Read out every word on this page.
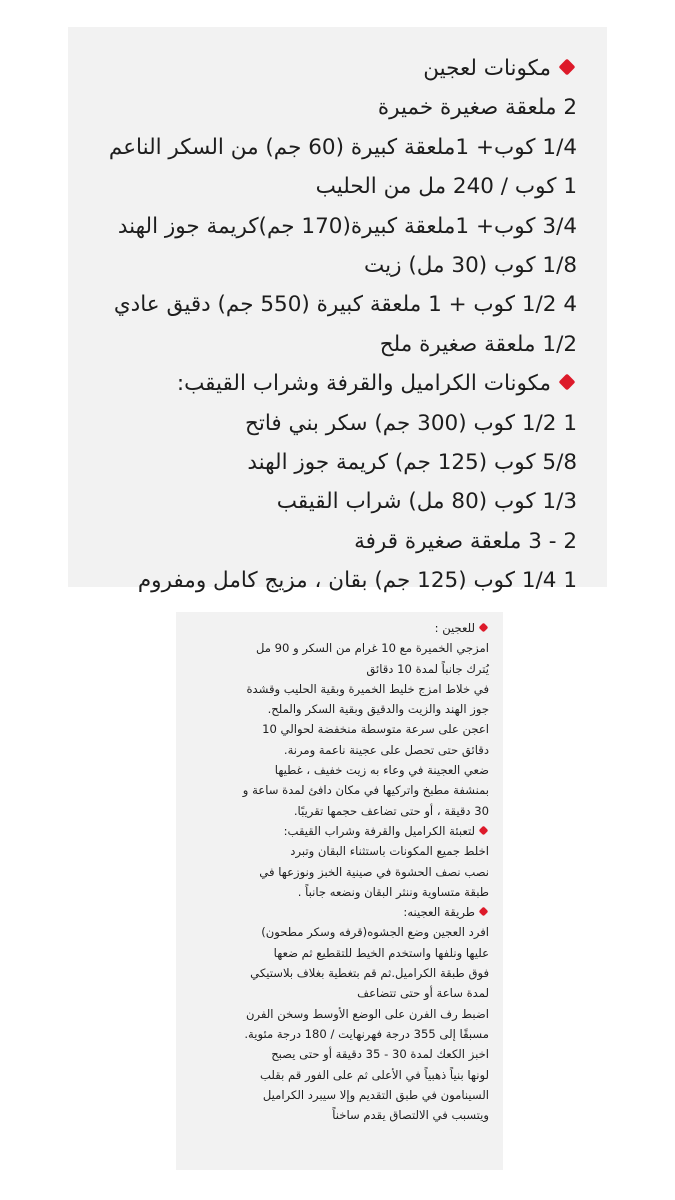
مكونات لعجين
2 ملعقة صغيرة خميرة
1/4 كوب+ 1ملعقة كبيرة (60 جم) من السكر الناعم
1 كوب / 240 مل من الحليب
3/4 كوب+ 1ملعقة كبيرة(170 جم)كريمة جوز الهند
1/8 كوب (30 مل) زيت
4 1/2 كوب + 1 ملعقة كبيرة (550 جم) دقيق عادي
1/2 ملعقة صغيرة ملح
مكونات الكراميل والقرفة وشراب القيقب:
1 1/2 كوب (300 جم) سكر بني فاتح
5/8 كوب (125 جم) كريمة جوز الهند
1/3 كوب (80 مل) شراب القيقب
2 - 3 ملعقة صغيرة قرفة
1 1/4 كوب (125 جم) بقان ، مزيج كامل ومفروم
للعجين :
امزجي الخميرة مع 10 غرام من السكر و 90 مل
يُترك جانباً لمدة 10 دقائق
في خلاط امزج خليط الخميرة وبقية الحليب وقشدة
جوز الهند والزيت والدقيق وبقية السكر والملح.
اعجن على سرعة متوسطة منخفضة لحوالي 10
دقائق حتى تحصل على عجينة ناعمة ومرنة.
ضعي العجينة في وعاء به زيت خفيف ، غطيها
بمنشفة مطبخ واتركيها في مكان دافئ لمدة ساعة و
30 دقيقة ، أو حتى تضاعف حجمها تقريبًا.
لتعبئة الكراميل والقرفة وشراب القيقب:
اخلط جميع المكونات باستثناء البقان وتبرد
نصب نصف الحشوة في صينية الخبز ونوزعها في
طبقة متساوية وننثر البقان ونضعه جانباً .
طريقة العجينه:
افرد العجين وضع الجشوه(قرفه وسكر مطحون)
عليها ونلفها واستخدم الخيط للتقطيع ثم ضعها
فوق طبقة الكراميل.ثم قم بتغطية بغلاف بلاستيكي
لمدة ساعة أو حتى تتضاعف
اضبط رف الفرن على الوضع الأوسط وسخن الفرن
مسبقًا إلى 355 درجة فهرنهايت / 180 درجة مئوية.
اخبز الكعك لمدة 30 - 35 دقيقة أو حتى يصبح
لونها بنياً ذهبياً في الأعلى ثم على الفور قم بقلب
السينامون في طبق التقديم وإلا سيبرد الكراميل
ويتسبب في الالتصاق يقدم ساخناً
